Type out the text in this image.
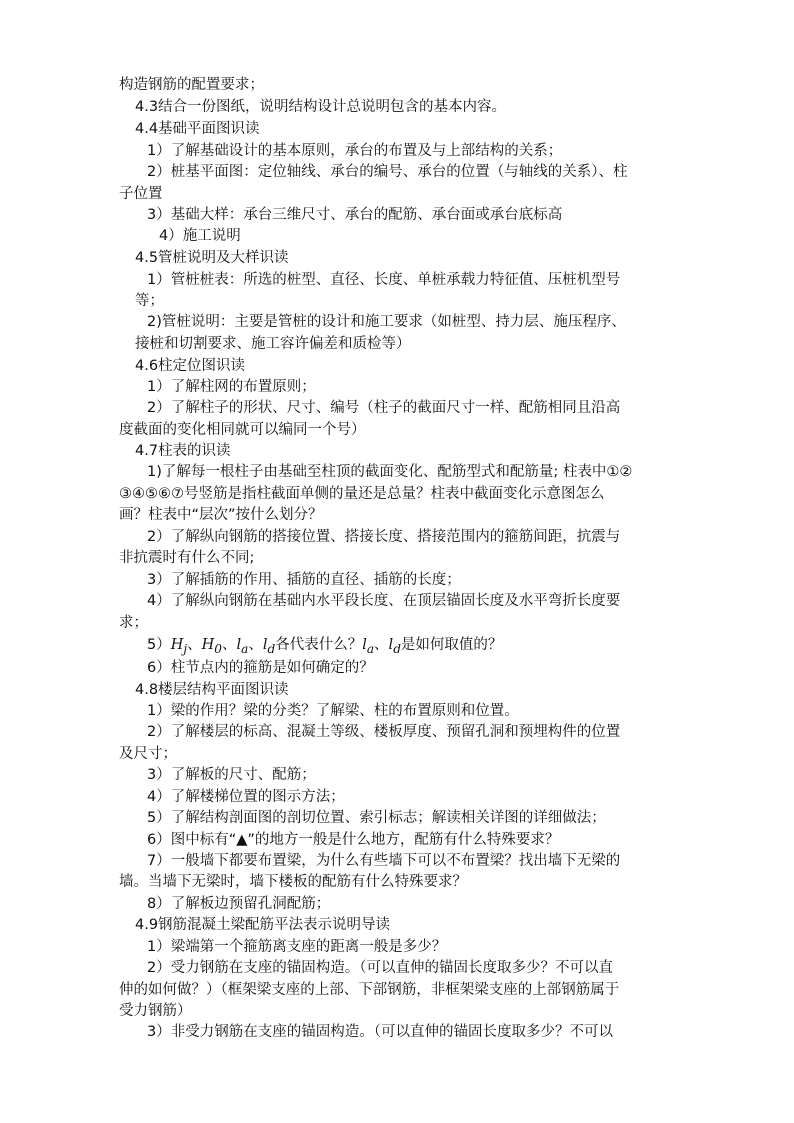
构造钢筋的配置要求；
4.3结合一份图纸，说明结构设计总说明包含的基本内容。
4.4基础平面图识读
1）了解基础设计的基本原则，承台的布置及与上部结构的关系；
2）桩基平面图：定位轴线、承台的编号、承台的位置（与轴线的关系）、柱
子位置
3）基础大样：承台三维尺寸、承台的配筋、承台面或承台底标高
4）施工说明
4.5管桩说明及大样识读
1）管桩桩表：所选的桩型、直径、长度、单桩承载力特征值、压桩机型号
等；
2)管桩说明：主要是管桩的设计和施工要求（如桩型、持力层、施压程序、
接桩和切割要求、施工容许偏差和质检等）
4.6柱定位图识读
1）了解柱网的布置原则；
2）了解柱子的形状、尺寸、编号（柱子的截面尺寸一样、配筋相同且沿高
度截面的变化相同就可以编同一个号）
4.7柱表的识读
1)了解每一根柱子由基础至柱顶的截面变化、配筋型式和配筋量; 柱表中①②
③④⑤⑥⑦号竖筋是指柱截面单侧的量还是总量？柱表中截面变化示意图怎么
画？柱表中“层次”按什么划分？
2）了解纵向钢筋的搭接位置、搭接长度、搭接范围内的箍筋间距，抗震与
非抗震时有什么不同;
3）了解插筋的作用、插筋的直径、插筋的长度；
4）了解纵向钢筋在基础内水平段长度、在顶层锚固长度及水平弯折长度要
求；
$5)H_j$、$H_0$、$l_a$、$l_d$各代表什么？$l_a$、$l_d$是如何取值的？
6）柱节点内的箍筋是如何确定的？
4.8楼层结构平面图识读
1）梁的作用？梁的分类？了解梁、柱的布置原则和位置。
2）了解楼层的标高、混凝土等级、楼板厚度、预留孔洞和预埋构件的位置
及尺寸；
3）了解板的尺寸、配筋；
4）了解楼梯位置的图示方法；
5）了解结构剖面图的剖切位置、索引标志；解读相关详图的详细做法；
6）图中标有“▲”的地方一般是什么地方，配筋有什么特殊要求？
7）一般墙下都要布置梁，为什么有些墙下可以不布置梁？找出墙下无梁的
墙。当墙下无梁时，墙下楼板的配筋有什么特殊要求？
8）了解板边预留孔洞配筋；
4.9钢筋混凝土梁配筋平法表示说明导读
1）梁端第一个箍筋离支座的距离一般是多少？
2）受力钢筋在支座的锚固构造。（可以直伸的锚固长度取多少？不可以直
伸的如何做？）（框架梁支座的上部、下部钢筋，非框架梁支座的上部钢筋属于
受力钢筋）
3）非受力钢筋在支座的锚固构造。（可以直伸的锚固长度取多少？不可以
